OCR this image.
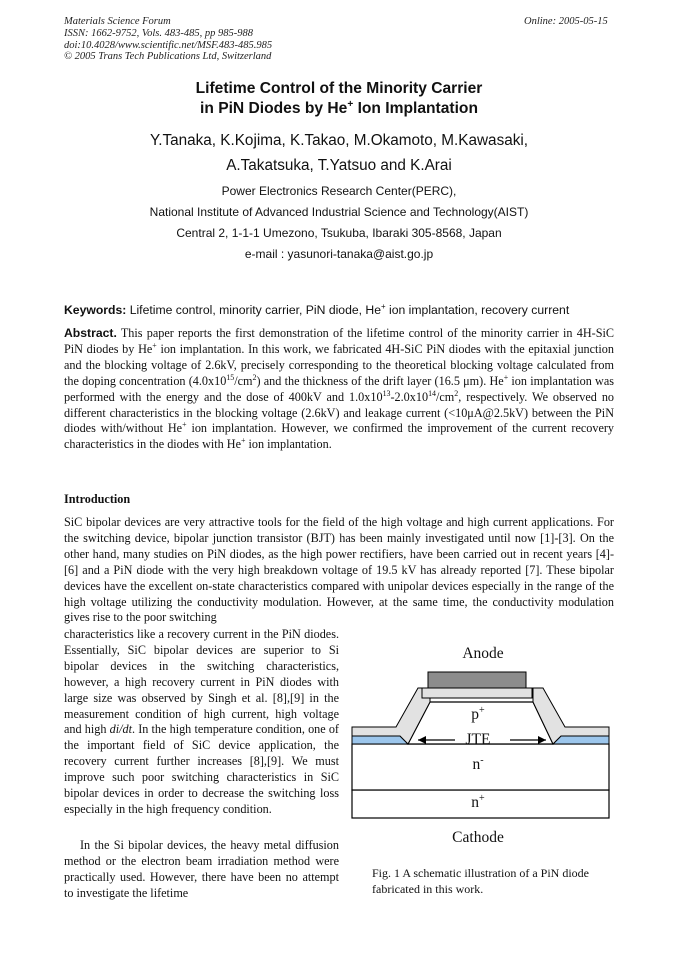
Materials Science Forum	Online: 2005-05-15
ISSN: 1662-9752, Vols. 483-485, pp 985-988
doi:10.4028/www.scientific.net/MSF.483-485.985
© 2005 Trans Tech Publications Ltd, Switzerland
Lifetime Control of the Minority Carrier
in PiN Diodes by He+ Ion Implantation
Y.Tanaka, K.Kojima, K.Takao, M.Okamoto, M.Kawasaki,
A.Takatsuka, T.Yatsuo and K.Arai
Power Electronics Research Center(PERC),
National Institute of Advanced Industrial Science and Technology(AIST)
Central 2, 1-1-1 Umezono, Tsukuba, Ibaraki 305-8568, Japan
e-mail : yasunori-tanaka@aist.go.jp
Keywords: Lifetime control, minority carrier, PiN diode, He+ ion implantation, recovery current
Abstract. This paper reports the first demonstration of the lifetime control of the minority carrier in 4H-SiC PiN diodes by He+ ion implantation. In this work, we fabricated 4H-SiC PiN diodes with the epitaxial junction and the blocking voltage of 2.6kV, precisely corresponding to the theoretical blocking voltage calculated from the doping concentration $(4.0x10^{15}/cm^2)$ and the thickness of the drift layer (16.5 μm). He+ ion implantation was performed with the energy and the dose of 400kV and $1.0x10^{13}-2.0x10^{14}/cm^2$, respectively. We observed no different characteristics in the blocking voltage (2.6kV) and leakage current (<10μA@2.5kV) between the PiN diodes with/without He+ ion implantation. However, we confirmed the improvement of the current recovery characteristics in the diodes with He+ ion implantation.
Introduction
SiC bipolar devices are very attractive tools for the field of the high voltage and high current applications. For the switching device, bipolar junction transistor (BJT) has been mainly investigated until now [1]-[3]. On the other hand, many studies on PiN diodes, as the high power rectifiers, have been carried out in recent years [4]-[6] and a PiN diode with the very high breakdown voltage of 19.5 kV has already reported [7]. These bipolar devices have the excellent on-state characteristics compared with unipolar devices especially in the range of the high voltage utilizing the conductivity modulation. However, at the same time, the conductivity modulation gives rise to the poor switching
characteristics like a recovery current in the PiN diodes. Essentially, SiC bipolar devices are superior to Si bipolar devices in the switching characteristics, however, a high recovery current in PiN diodes with large size was observed by Singh et al. [8],[9] in the measurement condition of high current, high voltage and high di/dt. In the high temperature condition, one of the important field of SiC device application, the recovery current further increases [8],[9]. We must improve such poor switching characteristics in SiC bipolar devices in order to decrease the switching loss especially in the high frequency condition.
In the Si bipolar devices, the heavy metal diffusion method or the electron beam irradiation method were practically used. However, there have been no attempt to investigate the lifetime
Anode
p+
JTE
n-
n+
Cathode
Fig. 1 A schematic illustration of a PiN diode fabricated in this work.
